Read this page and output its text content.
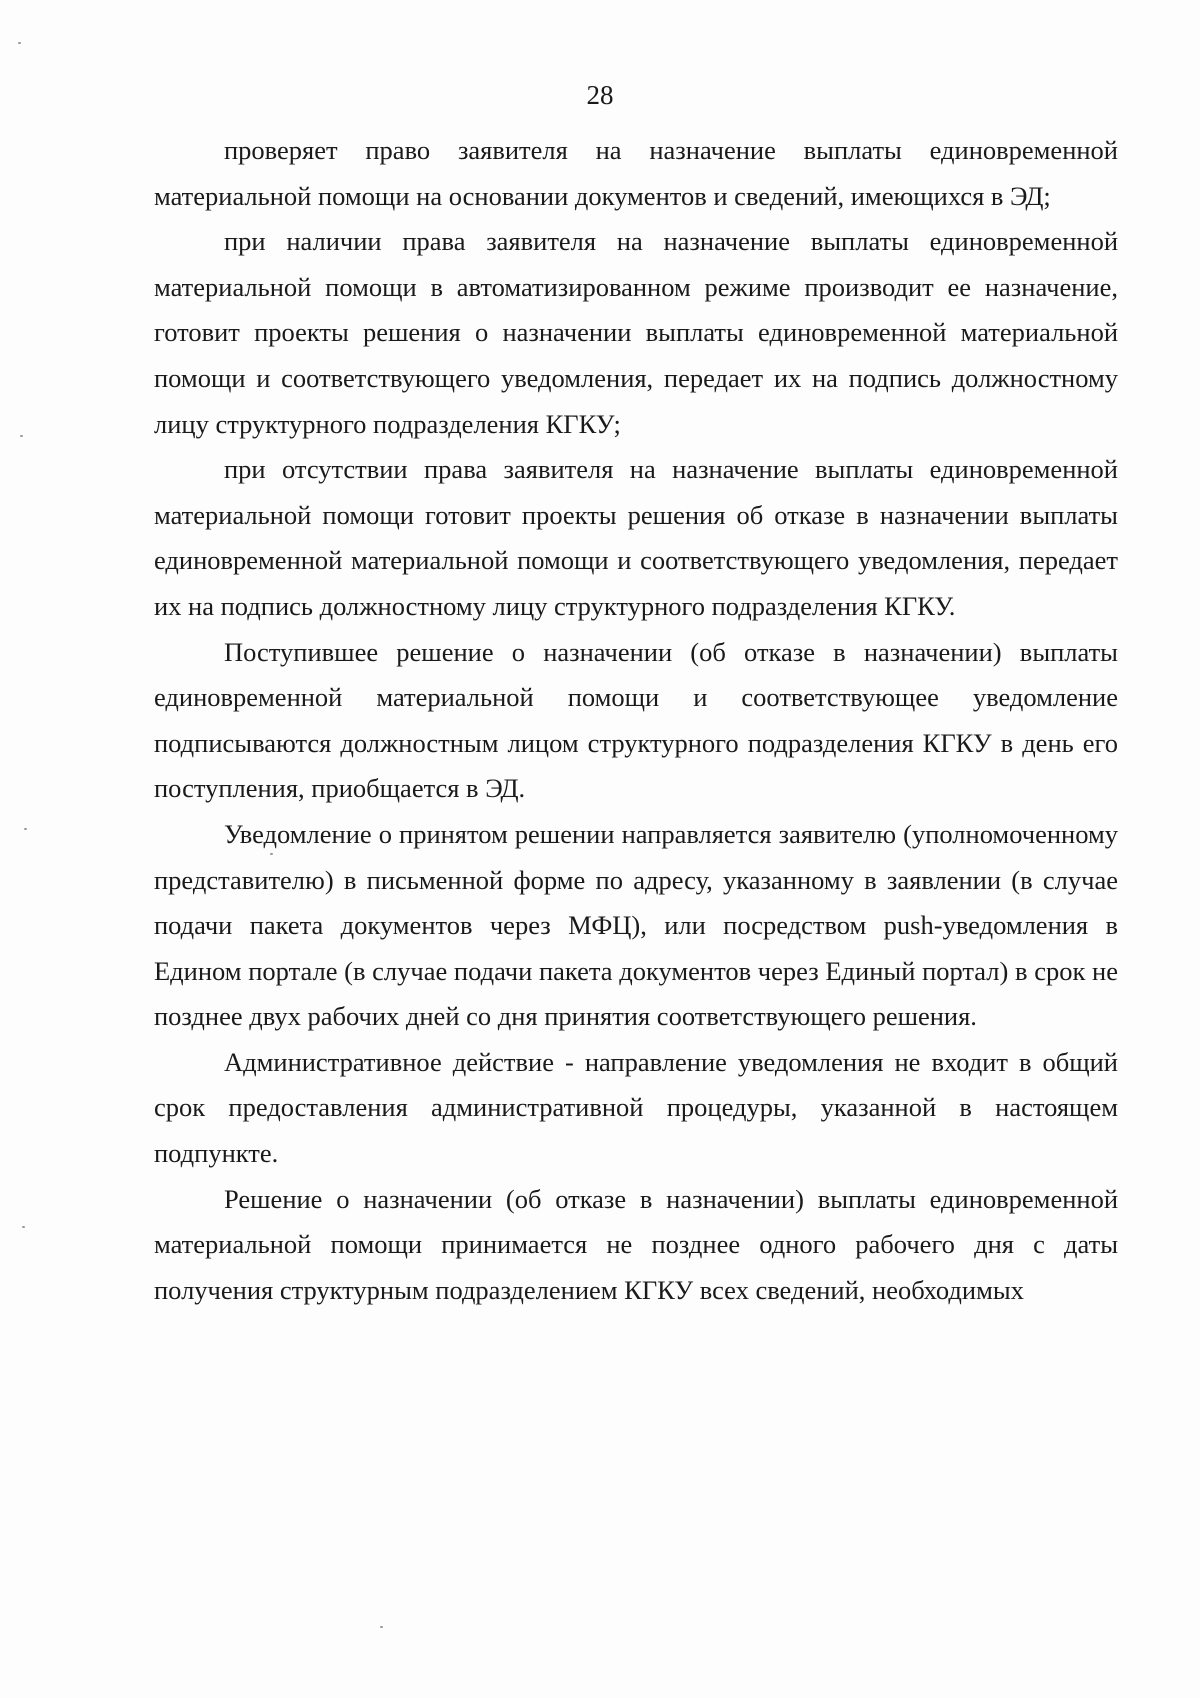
28

проверяет право заявителя на назначение выплаты единовременной материальной помощи на основании документов и сведений, имеющихся в ЭД;

при наличии права заявителя на назначение выплаты единовременной материальной помощи в автоматизированном режиме производит ее назначение, готовит проекты решения о назначении выплаты единовременной материальной помощи и соответствующего уведомления, передает их на подпись должностному лицу структурного подразделения КГКУ;

при отсутствии права заявителя на назначение выплаты единовременной материальной помощи готовит проекты решения об отказе в назначении выплаты единовременной материальной помощи и соответствующего уведомления, передает их на подпись должностному лицу структурного подразделения КГКУ.

Поступившее решение о назначении (об отказе в назначении) выплаты единовременной материальной помощи и соответствующее уведомление подписываются должностным лицом структурного подразделения КГКУ в день его поступления, приобщается в ЭД.

Уведомление о принятом решении направляется заявителю (уполномоченному представителю) в письменной форме по адресу, указанному в заявлении (в случае подачи пакета документов через МФЦ), или посредством push-уведомления в Едином портале (в случае подачи пакета документов через Единый портал) в срок не позднее двух рабочих дней со дня принятия соответствующего решения.

Административное действие - направление уведомления не входит в общий срок предоставления административной процедуры, указанной в настоящем подпункте.

Решение о назначении (об отказе в назначении) выплаты единовременной материальной помощи принимается не позднее одного рабочего дня с даты получения структурным подразделением КГКУ всех сведений, необходимых
